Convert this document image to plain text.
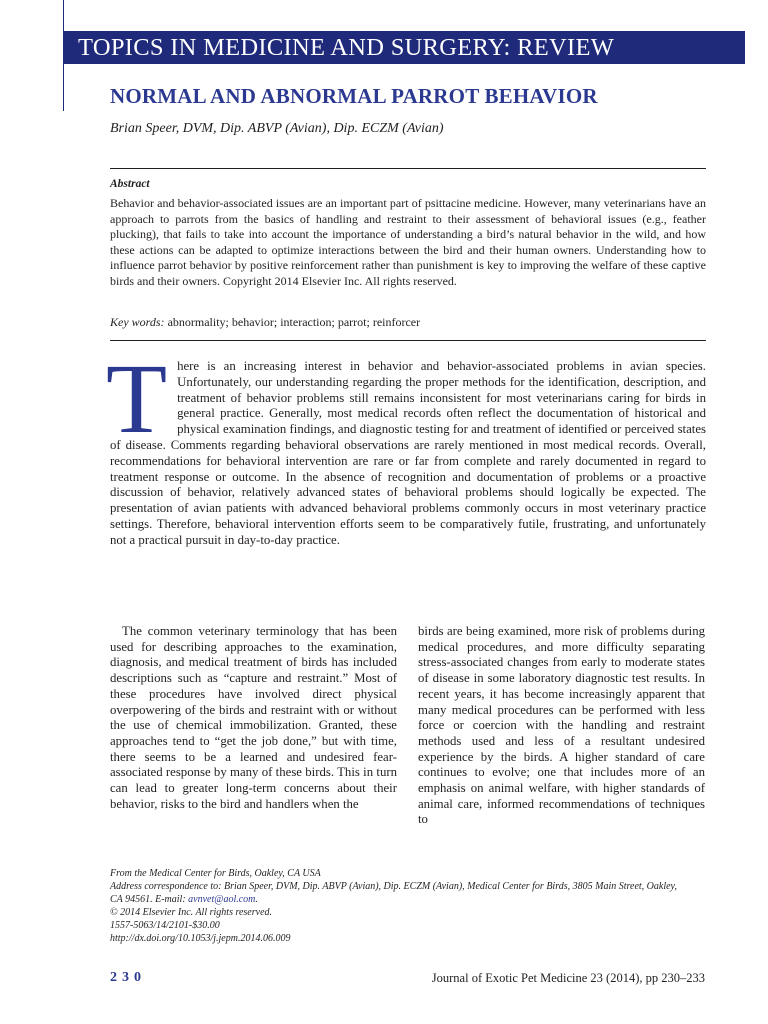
TOPICS IN MEDICINE AND SURGERY: REVIEW
NORMAL AND ABNORMAL PARROT BEHAVIOR
Brian Speer, DVM, Dip. ABVP (Avian), Dip. ECZM (Avian)
Abstract

Behavior and behavior-associated issues are an important part of psittacine medicine. However, many veterinarians have an approach to parrots from the basics of handling and restraint to their assessment of behavioral issues (e.g., feather plucking), that fails to take into account the importance of understanding a bird’s natural behavior in the wild, and how these actions can be adapted to optimize interactions between the bird and their human owners. Understanding how to influence parrot behavior by positive reinforcement rather than punishment is key to improving the welfare of these captive birds and their owners. Copyright 2014 Elsevier Inc. All rights reserved.

Key words: abnormality; behavior; interaction; parrot; reinforcer

There is an increasing interest in behavior and behavior-associated problems in avian species. Unfortunately, our understanding regarding the proper methods for the identification, description, and treatment of behavior problems still remains inconsistent for most veterinarians caring for birds in general practice. Generally, most medical records often reflect the documentation of historical and physical examination findings, and diagnostic testing for and treatment of identified or perceived states of disease. Comments regarding behavioral observations are rarely mentioned in most medical records. Overall, recommendations for behavioral intervention are rare or far from complete and rarely documented in regard to treatment response or outcome. In the absence of recognition and documentation of problems or a proactive discussion of behavior, relatively advanced states of behavioral problems should logically be expected. The presentation of avian patients with advanced behavioral problems commonly occurs in most veterinary practice settings. Therefore, behavioral intervention efforts seem to be comparatively futile, frustrating, and unfortunately not a practical pursuit in day-to-day practice.

The common veterinary terminology that has been used for describing approaches to the examination, diagnosis, and medical treatment of birds has included descriptions such as “capture and restraint.” Most of these procedures have involved direct physical overpowering of the birds and restraint with or without the use of chemical immobilization. Granted, these approaches tend to “get the job done,” but with time, there seems to be a learned and undesired fear-associated response by many of these birds. This in turn can lead to greater long-term concerns about their behavior, risks to the bird and handlers when the

birds are being examined, more risk of problems during medical procedures, and more difficulty separating stress-associated changes from early to moderate states of disease in some laboratory diagnostic test results. In recent years, it has become increasingly apparent that many medical procedures can be performed with less force or coercion with the handling and restraint methods used and less of a resultant undesired experience by the birds. A higher standard of care continues to evolve; one that includes more of an emphasis on animal welfare, with higher standards of animal care, informed recommendations of techniques to

From the Medical Center for Birds, Oakley, CA USA
Address correspondence to: Brian Speer, DVM, Dip. ABVP (Avian), Dip. ECZM (Avian), Medical Center for Birds, 3805 Main Street, Oakley,
CA 94561. E-mail: avnvet@aol.com.
© 2014 Elsevier Inc. All rights reserved.
1557-5063/14/2101-$30.00
http://dx.doi.org/10.1053/j.jepm.2014.06.009
230	Journal of Exotic Pet Medicine 23 (2014), pp 230–233
